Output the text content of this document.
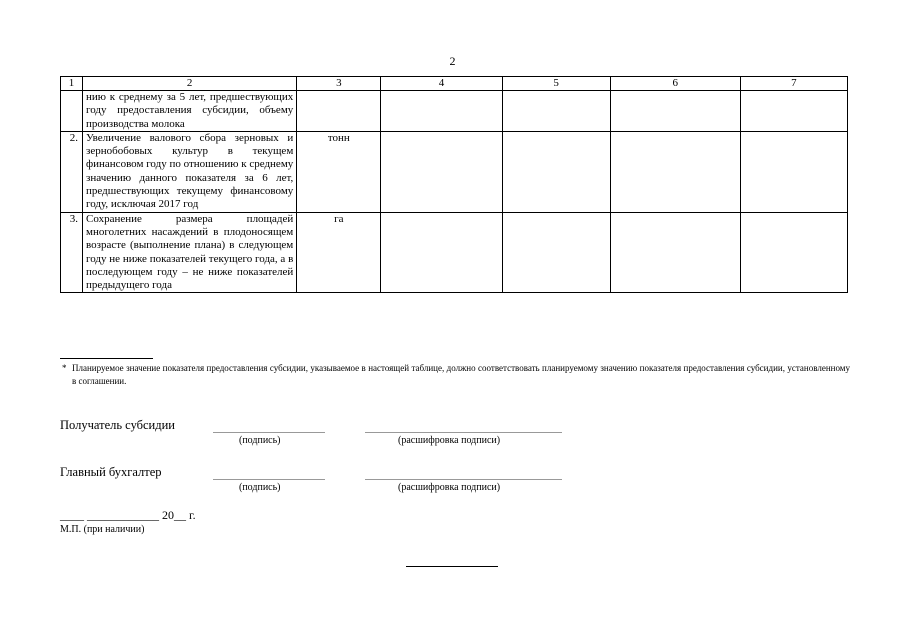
2
1	2	3	4	5	6	7
	нию к среднему за 5 лет, предшествующих году предоставления субсидии, объему производства молока					
2.	Увеличение валового сбора зерновых и зернобобовых культур в текущем финансовом году по отношению к среднему значению данного показателя за 6 лет, предшествующих текущему финансовому году, исключая 2017 год	тонн				
3.	Сохранение размера площадей многолетних насаждений в плодоносящем возрасте (выполнение плана) в следующем году не ниже показателей текущего года, а в последующем году – не ниже показателей предыдущего года	га				
* Планируемое значение показателя предоставления субсидии, указываемое в настоящей таблице, должно соответствовать планируемому значению показателя предоставления субсидии, установленному в соглашении.
Получатель субсидии
(подпись)	(расшифровка подписи)
Главный бухгалтер
(подпись)	(расшифровка подписи)
____ ____________ 20__ г.
М.П. (при наличии)
